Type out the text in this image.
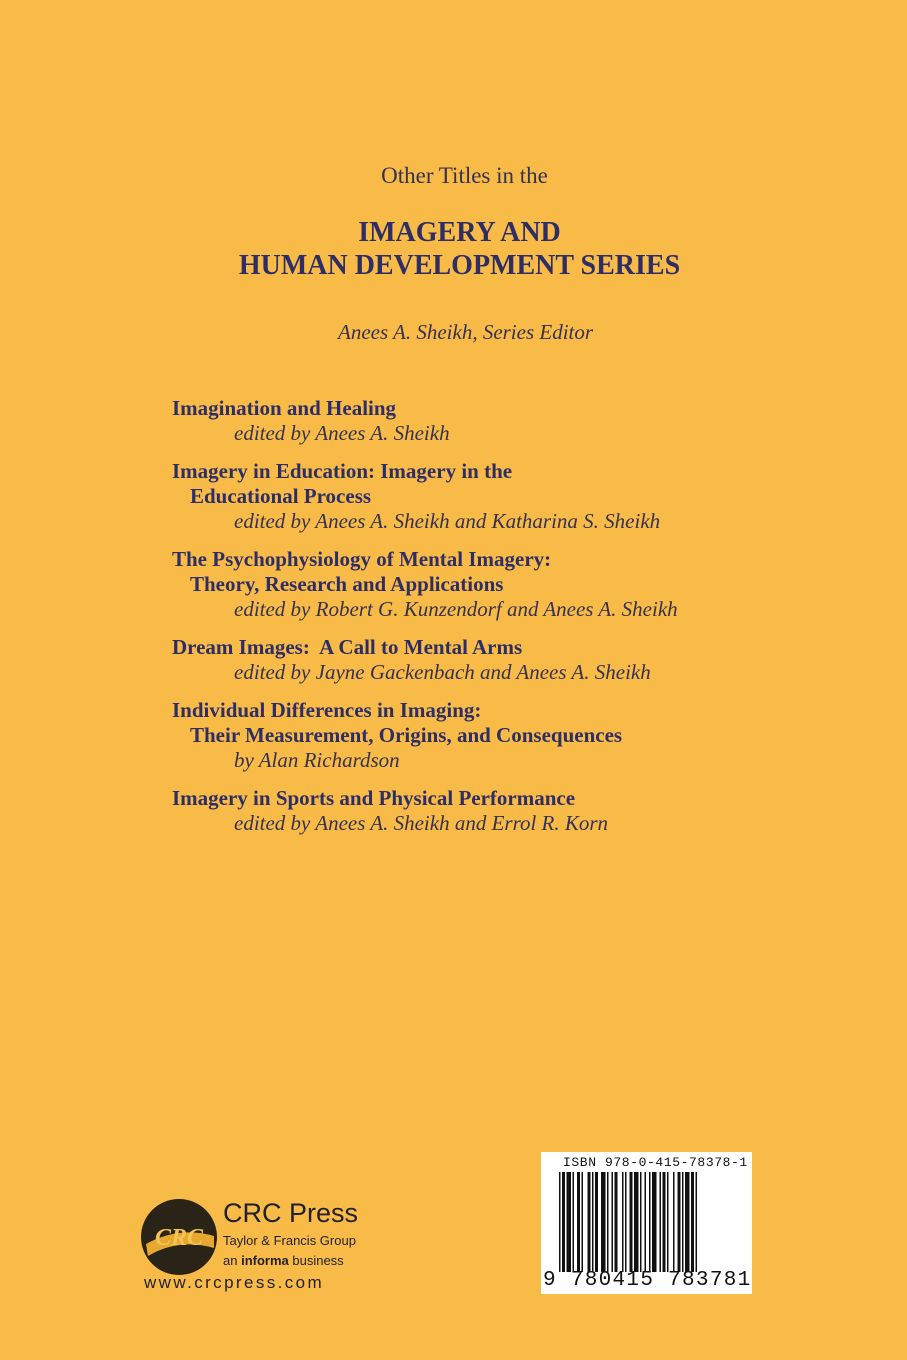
Other Titles in the
IMAGERY AND
HUMAN DEVELOPMENT SERIES
Anees A. Sheikh, Series Editor
Imagination and Healing
edited by Anees A. Sheikh
Imagery in Education: Imagery in the
Educational Process
edited by Anees A. Sheikh and Katharina S. Sheikh
The Psychophysiology of Mental Imagery:
Theory, Research and Applications
edited by Robert G. Kunzendorf and Anees A. Sheikh
Dream Images:  A Call to Mental Arms
edited by Jayne Gackenbach and Anees A. Sheikh
Individual Differences in Imaging:
Their Measurement, Origins, and Consequences
by Alan Richardson
Imagery in Sports and Physical Performance
edited by Anees A. Sheikh and Errol R. Korn
CRC
CRC Press
Taylor & Francis Group
an informa business
www.crcpress.com
ISBN 978-0-415-78378-1
9 780415 783781
